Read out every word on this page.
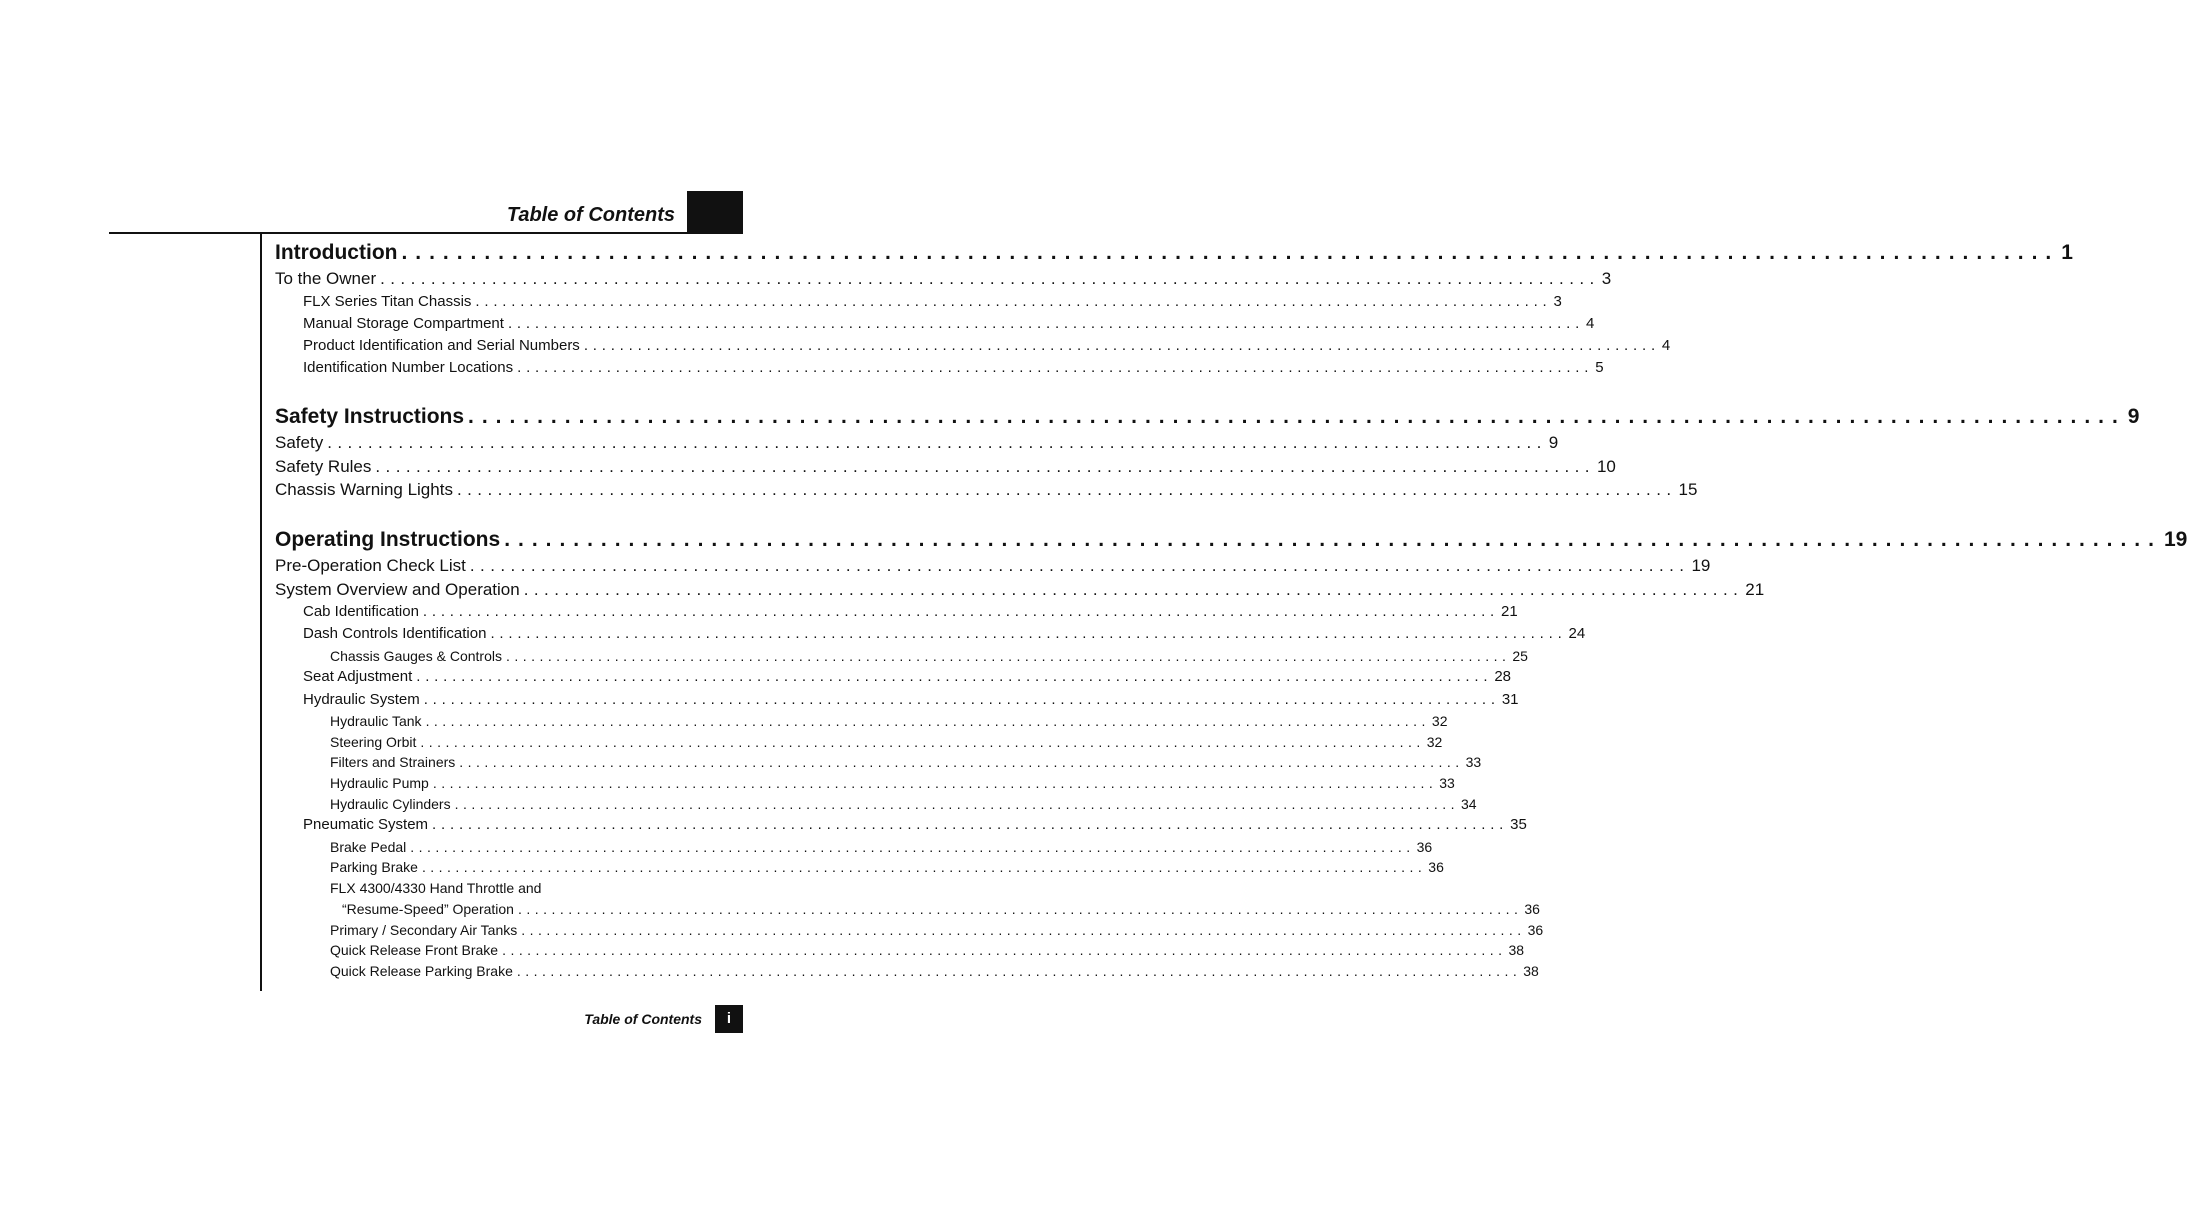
Table of Contents
Introduction ........................................................................................................................ 1
To the Owner ........................................................................................................................ 3
FLX Series Titan Chassis ........................................................................................................................ 3
Manual Storage Compartment ........................................................................................................................ 4
Product Identification and Serial Numbers ........................................................................................................................ 4
Identification Number Locations ........................................................................................................................ 5
Safety Instructions ........................................................................................................................ 9
Safety ........................................................................................................................ 9
Safety Rules ........................................................................................................................ 10
Chassis Warning Lights ........................................................................................................................ 15
Operating Instructions ........................................................................................................................ 19
Pre-Operation Check List ........................................................................................................................ 19
System Overview and Operation ........................................................................................................................ 21
Cab Identification ........................................................................................................................ 21
Dash Controls Identification ........................................................................................................................ 24
Chassis Gauges & Controls ........................................................................................................................ 25
Seat Adjustment ........................................................................................................................ 28
Hydraulic System ........................................................................................................................ 31
Hydraulic Tank ........................................................................................................................ 32
Steering Orbit ........................................................................................................................ 32
Filters and Strainers ........................................................................................................................ 33
Hydraulic Pump ........................................................................................................................ 33
Hydraulic Cylinders ........................................................................................................................ 34
Pneumatic System ........................................................................................................................ 35
Brake Pedal ........................................................................................................................ 36
Parking Brake ........................................................................................................................ 36
FLX 4300/4330 Hand Throttle and
“Resume-Speed” Operation ........................................................................................................................ 36
Primary / Secondary Air Tanks ........................................................................................................................ 36
Quick Release Front Brake ........................................................................................................................ 38
Quick Release Parking Brake ........................................................................................................................ 38
Table of Contents	i
